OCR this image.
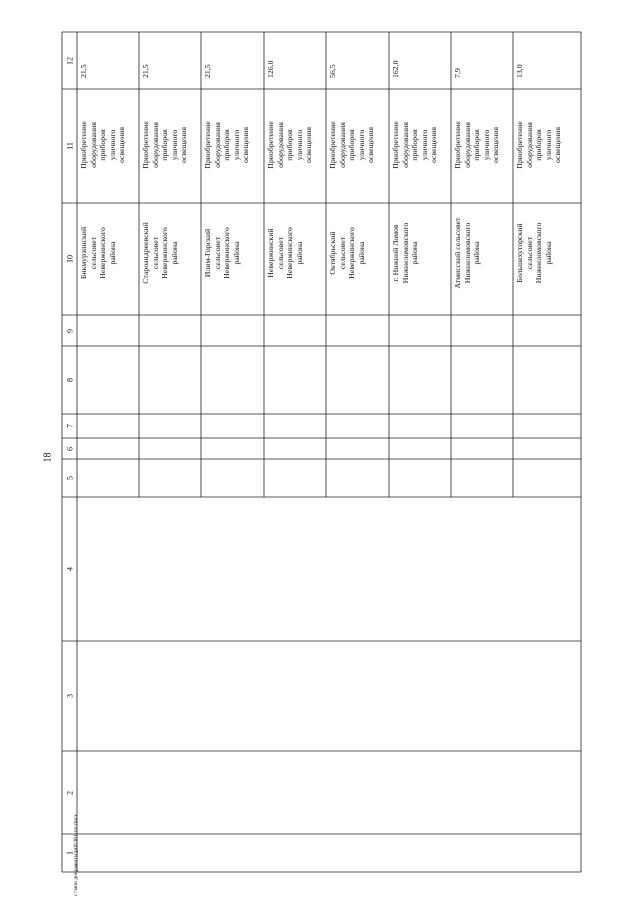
18
12
11
10
9
8
7
6
5
4
3
2
1
21,5
Приобретение
оборудования
приборов
уличного
освещения
Бикмурзинский
сельсовет
Невержинского
района
21,5
Приобретение
оборудования
приборов
уличного
освещения
Староандреевский
сельсовет
Невержинского
района
21,5
Приобретение
оборудования
приборов
уличного
освещения
Илим-Горский
сельсовет
Невержинского
района
126,0
Приобретение
оборудования
приборов
уличного
освещения
Невержинский
сельсовет
Невержинского
района
56,5
Приобретение
оборудования
приборов
уличного
освещения
Октябрьский
сельсовет
Невержинского
района
162,0
Приобретение
оборудования
приборов
уличного
освещения
г. Нижний Ломов
Нижнеломовского
района
7,9
Приобретение
оборудования
приборов
уличного
освещения
Атмисский сельсовет
Нижнеломовского
района
13,0
Приобретение
оборудования
приборов
уличного
освещения
Большехуторский
сельсовет
Нижнеломовского
района
c:\мои документы\pril\361-пп.docx
